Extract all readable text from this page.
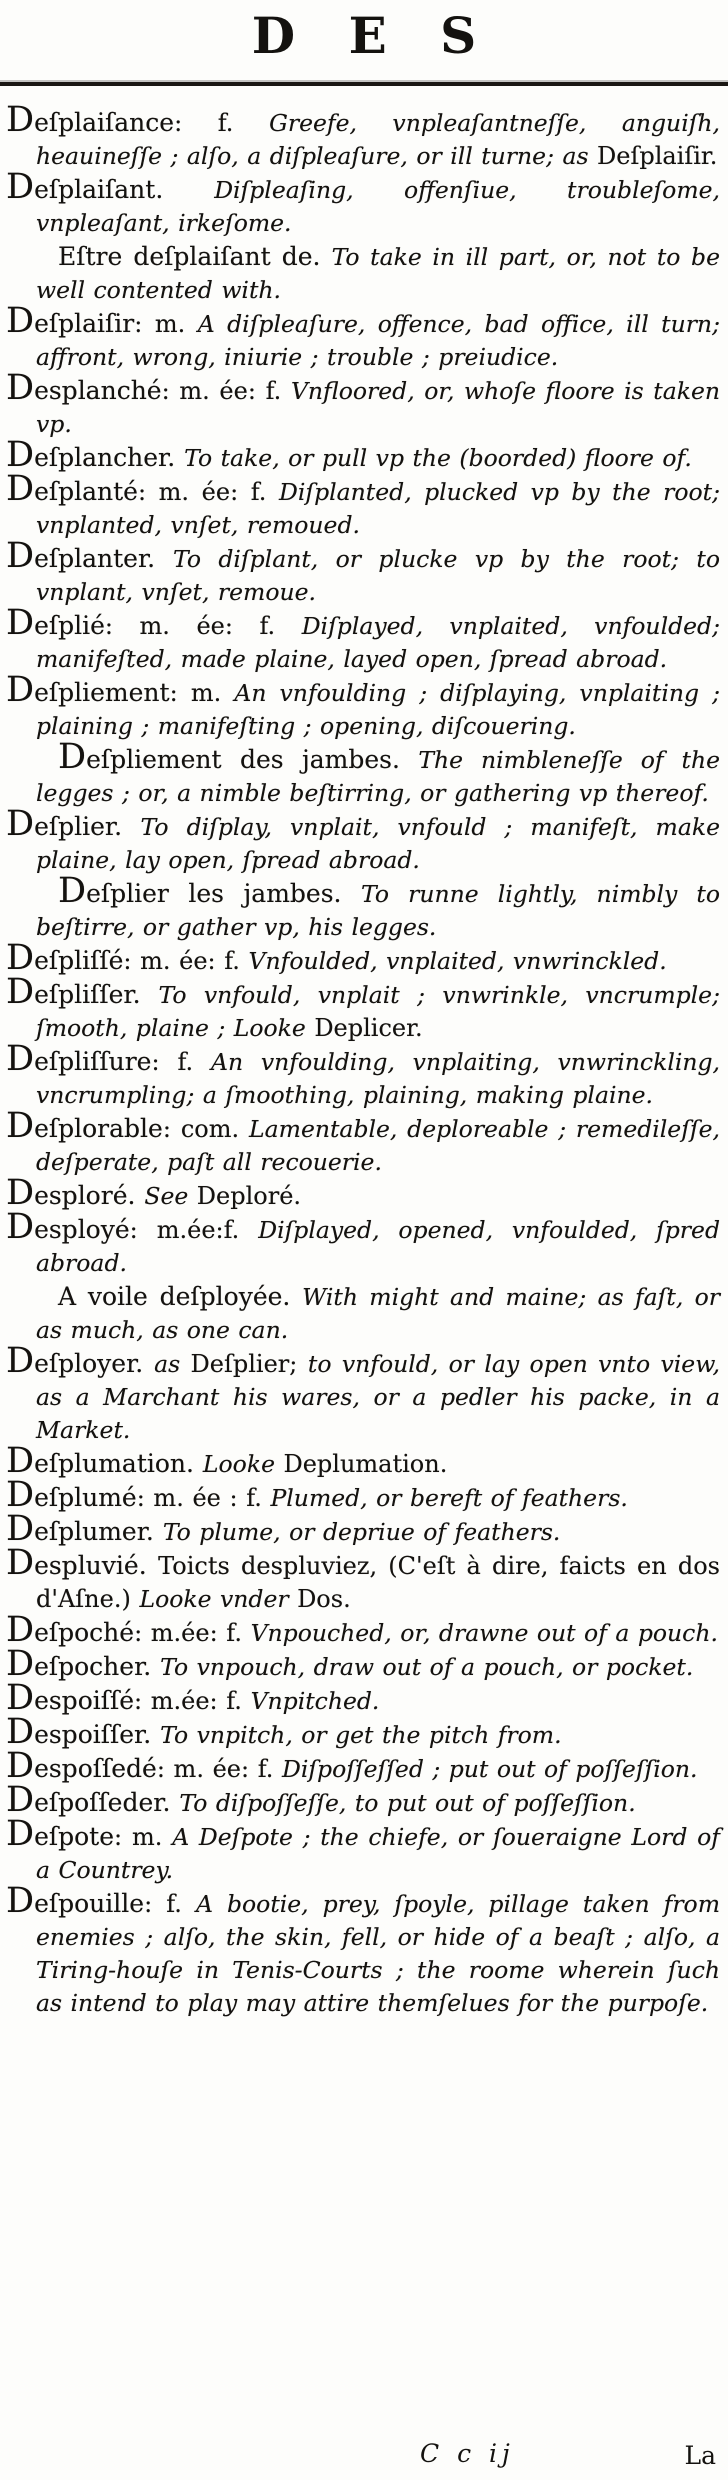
D E S

Deſplaiſance: f. Greefe, vnpleaſantneſſe, anguiſh, heauineſſe ; alſo, a diſpleaſure, or ill turne; as Deſplaiſir.

Deſplaiſant. Diſpleaſing, offenſiue, troubleſome, vnpleaſant, irkeſome.

Eſtre deſplaiſant de. To take in ill part, or, not to be well contented with.

Deſplaiſir: m. A diſpleaſure, offence, bad office, ill turn; affront, wrong, iniurie ; trouble ; preiudice.

Desplanché: m. ée: f. Vnfloored, or, whoſe floore is taken vp.

Deſplancher. To take, or pull vp the (boorded) floore of.

Deſplanté: m. ée: f. Diſplanted, plucked vp by the root; vnplanted, vnſet, remoued.

Deſplanter. To diſplant, or plucke vp by the root; to vnplant, vnſet, remoue.

Deſplié: m. ée: f. Diſplayed, vnplaited, vnfoulded; manifeſted, made plaine, layed open, ſpread abroad.

Deſpliement: m. An vnfoulding ; diſplaying, vnplaiting ; plaining ; manifeſting ; opening, diſcouering.

Deſpliement des jambes. The nimbleneſſe of the legges ; or, a nimble beſtirring, or gathering vp thereof.

Deſplier. To diſplay, vnplait, vnfould ; manifeſt, make plaine, lay open, ſpread abroad.

Deſplier les jambes. To runne lightly, nimbly to beſtirre, or gather vp, his legges.

Deſpliſſé: m. ée: f. Vnfoulded, vnplaited, vnwrinckled.

Deſpliſſer. To vnfould, vnplait ; vnwrinkle, vncrumple; ſmooth, plaine ; Looke Deplicer.

Deſpliſſure: f. An vnfoulding, vnplaiting, vnwrinckling, vncrumpling; a ſmoothing, plaining, making plaine.

Deſplorable: com. Lamentable, deploreable ; remedileſſe, deſperate, paſt all recouerie.

Desploré. See Deploré.

Desployé: m.ée:f. Diſplayed, opened, vnfoulded, ſpred abroad.

A voile deſployée. With might and maine; as faſt, or as much, as one can.

Deſployer. as Deſplier; to vnfould, or lay open vnto view, as a Marchant his wares, or a pedler his packe, in a Market.

Deſplumation. Looke Deplumation.

Deſplumé: m. ée : f. Plumed, or bereft of feathers.

Deſplumer. To plume, or depriue of feathers.

Despluvié. Toicts despluviez, (C'eſt à dire, faicts en dos d'Aſne.) Looke vnder Dos.

Deſpoché: m.ée: f. Vnpouched, or, drawne out of a pouch.

Deſpocher. To vnpouch, draw out of a pouch, or pocket.

Despoiſſé: m.ée: f. Vnpitched.

Despoiſſer. To vnpitch, or get the pitch from.

Despoſſedé: m. ée: f. Diſpoſſeſſed ; put out of poſſeſſion.

Deſpoſſeder. To diſpoſſeſſe, to put out of poſſeſſion.

Deſpote: m. A Deſpote ; the chiefe, or ſoueraigne Lord of a Countrey.

Deſpouille: f. A bootie, prey, ſpoyle, pillage taken from enemies ; alſo, the skin, fell, or hide of a beaſt ; alſo, a Tiring-houſe in Tenis-Courts ; the roome wherein ſuch as intend to play may attire themſelues for the purpoſe.

C c ij	La
